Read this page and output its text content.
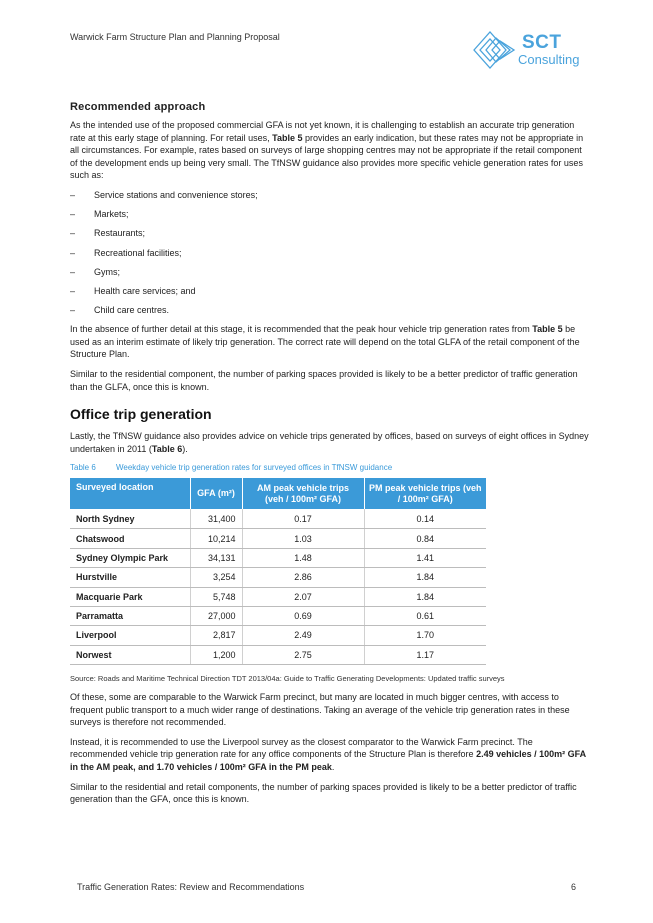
Warwick Farm Structure Plan and Planning Proposal	SCT
Consulting
Recommended approach

As the intended use of the proposed commercial GFA is not yet known, it is challenging to establish an accurate trip generation rate at this early stage of planning. For retail uses, Table 5 provides an early indication, but these rates may not be appropriate in all circumstances. For example, rates based on surveys of large shopping centres may not be appropriate if the retail component of the development ends up being very small. The TfNSW guidance also provides more specific vehicle generation rates for uses such as:

– Service stations and convenience stores;
– Markets;
– Restaurants;
– Recreational facilities;
– Gyms;
– Health care services; and
– Child care centres.

In the absence of further detail at this stage, it is recommended that the peak hour vehicle trip generation rates from Table 5 be used as an interim estimate of likely trip generation. The correct rate will depend on the total GLFA of the retail component of the Structure Plan.

Similar to the residential component, the number of parking spaces provided is likely to be a better predictor of traffic generation than the GLFA, once this is known.

Office trip generation

Lastly, the TfNSW guidance also provides advice on vehicle trips generated by offices, based on surveys of eight offices in Sydney undertaken in 2011 (Table 6).

Table 6	Weekday vehicle trip generation rates for surveyed offices in TfNSW guidance
Surveyed location	GFA (m²)	AM peak vehicle trips (veh / 100m² GFA)	PM peak vehicle trips (veh / 100m² GFA)
North Sydney	31,400	0.17	0.14
Chatswood	10,214	1.03	0.84
Sydney Olympic Park	34,131	1.48	1.41
Hurstville	3,254	2.86	1.84
Macquarie Park	5,748	2.07	1.84
Parramatta	27,000	0.69	0.61
Liverpool	2,817	2.49	1.70
Norwest	1,200	2.75	1.17
Source: Roads and Maritime Technical Direction TDT 2013/04a: Guide to Traffic Generating Developments: Updated traffic surveys

Of these, some are comparable to the Warwick Farm precinct, but many are located in much bigger centres, with access to frequent public transport to a much wider range of destinations. Taking an average of the vehicle trip generation rates in these surveys is therefore not recommended.

Instead, it is recommended to use the Liverpool survey as the closest comparator to the Warwick Farm precinct. The recommended vehicle trip generation rate for any office components of the Structure Plan is therefore 2.49 vehicles / 100m² GFA in the AM peak, and 1.70 vehicles / 100m² GFA in the PM peak.

Similar to the residential and retail components, the number of parking spaces provided is likely to be a better predictor of traffic generation than the GFA, once this is known.

Traffic Generation Rates: Review and Recommendations	6
